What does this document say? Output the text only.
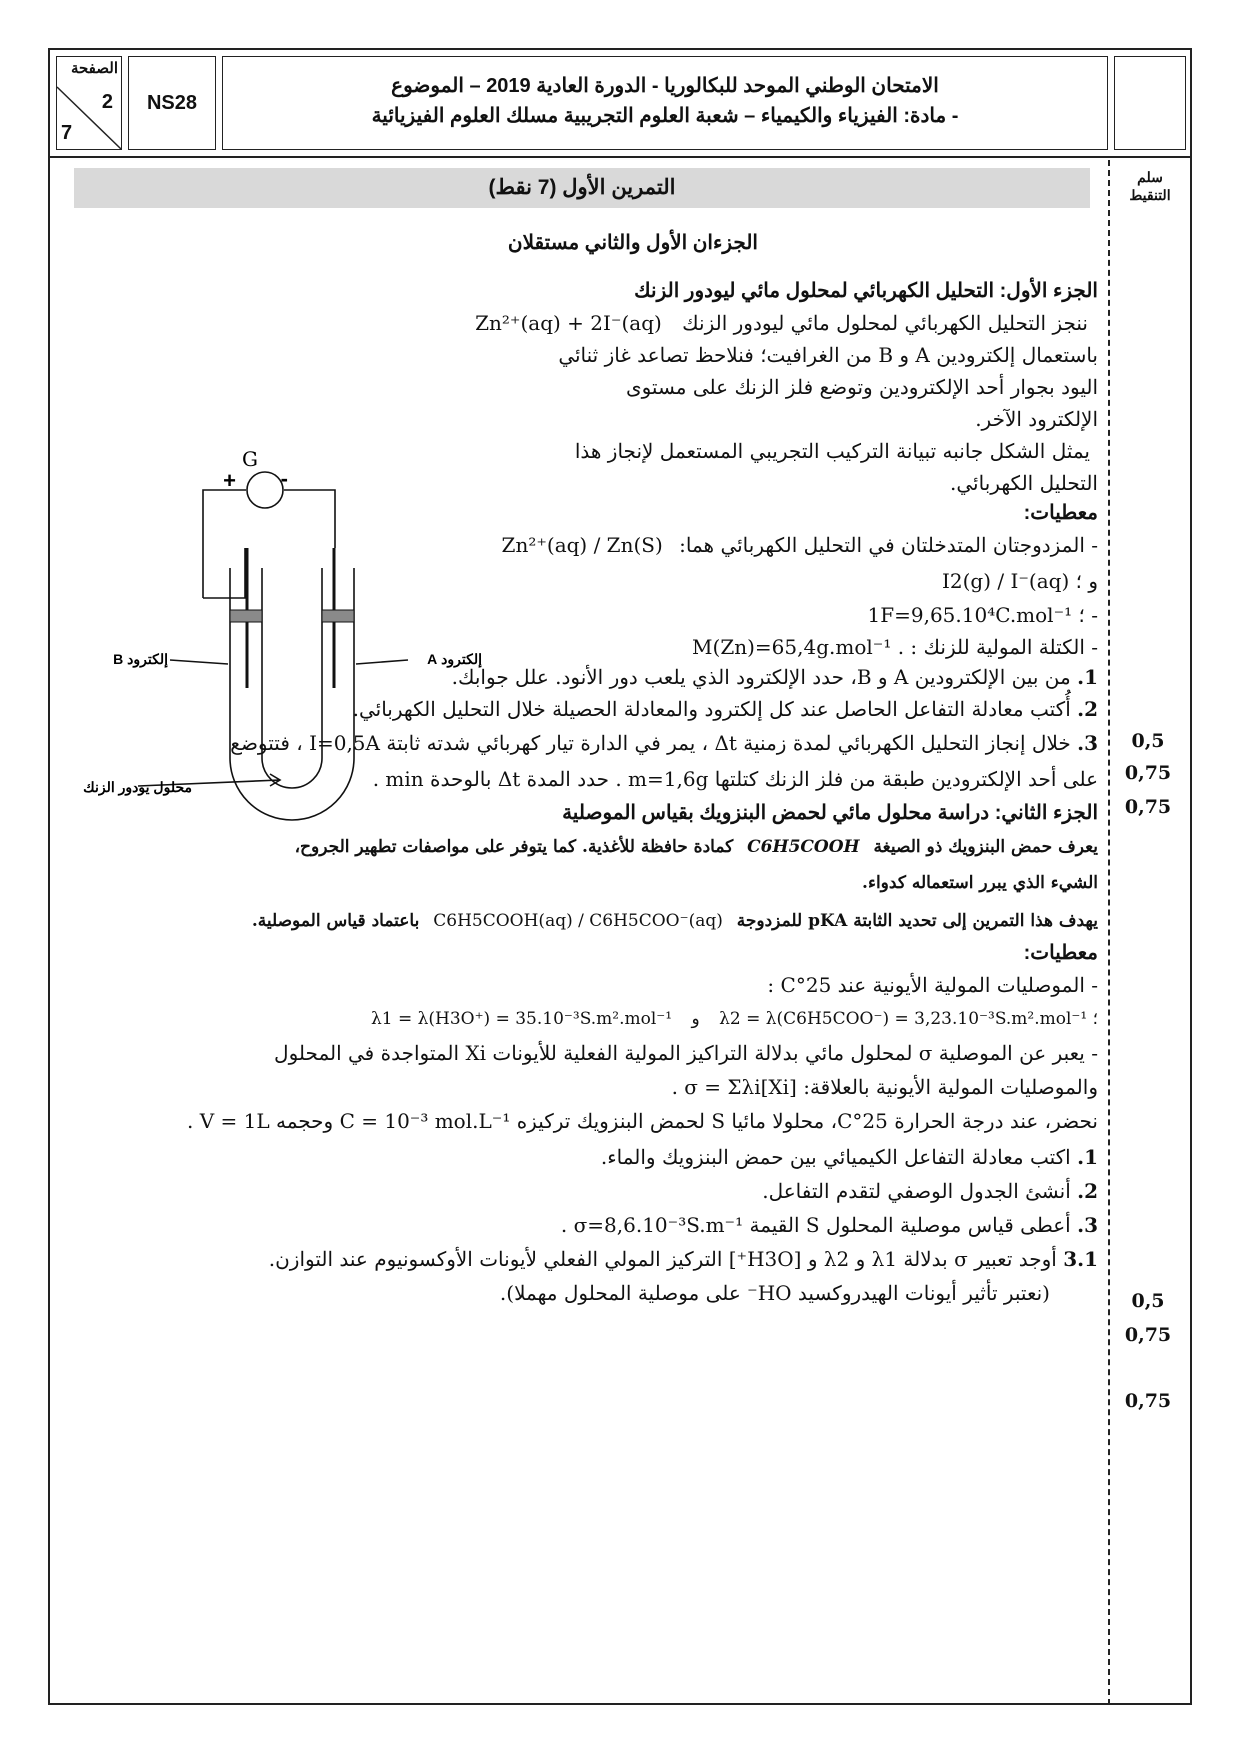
الصفحة
2
7
NS28
الامتحان الوطني الموحد للبكالوريا - الدورة العادية 2019 – الموضوع
- مادة: الفيزياء والكيمياء – شعبة العلوم التجريبية مسلك العلوم الفيزيائية
سلم
التنقيط
0,5
0,75
0,75
0,5
0,75
0,75
التمرين الأول (7 نقط)
الجزءان الأول والثاني مستقلان
الجزء الأول: التحليل الكهربائي لمحلول مائي ليودور الزنك
ننجز التحليل الكهربائي لمحلول مائي ليودور الزنك Zn²⁺(aq) + 2I⁻(aq)
باستعمال إلكترودين A و B من الغرافيت؛ فنلاحظ تصاعد غاز ثنائي
اليود بجوار أحد الإلكترودين وتوضع فلز الزنك على مستوى
الإلكترود الآخر.
يمثل الشكل جانبه تبيانة التركيب التجريبي المستعمل لإنجاز هذا
التحليل الكهربائي.
معطيات:
- المزدوجتان المتدخلتان في التحليل الكهربائي هما: Zn²⁺(aq) / Zn(S)
و I2(g) / I⁻(aq) ؛
- 1F=9,65.10⁴C.mol⁻¹ ؛
- الكتلة المولية للزنك : M(Zn)=65,4g.mol⁻¹ .
1. من بين الإلكترودين A و B، حدد الإلكترود الذي يلعب دور الأنود. علل جوابك.
2. أُكتب معادلة التفاعل الحاصل عند كل إلكترود والمعادلة الحصيلة خلال التحليل الكهربائي.
3. خلال إنجاز التحليل الكهربائي لمدة زمنية Δt ، يمر في الدارة تيار كهربائي شدته ثابتة I=0,5A ، فتتوضع
على أحد الإلكترودين طبقة من فلز الزنك كتلتها m=1,6g . حدد المدة Δt بالوحدة min .
الجزء الثاني: دراسة محلول مائي لحمض البنزويك بقياس الموصلية
يعرف حمض البنزويك ذو الصيغة C6H5COOH كمادة حافظة للأغذية. كما يتوفر على مواصفات تطهير الجروح،
الشيء الذي يبرر استعماله كدواء.
يهدف هذا التمرين إلى تحديد الثابتة pKA للمزدوجة C6H5COOH(aq) / C6H5COO⁻(aq) باعتماد قياس الموصلية.
معطيات:
- الموصليات المولية الأيونية عند 25°C :
λ2 = λ(C6H5COO⁻) = 3,23.10⁻³S.m².mol⁻¹ ؛ و λ1 = λ(H3O⁺) = 35.10⁻³S.m².mol⁻¹
- يعبر عن الموصلية σ لمحلول مائي بدلالة التراكيز المولية الفعلية للأيونات Xi المتواجدة في المحلول
والموصليات المولية الأيونية بالعلاقة: σ = Σλi[Xi] .
نحضر، عند درجة الحرارة 25°C، محلولا مائيا S لحمض البنزويك تركيزه C = 10⁻³ mol.L⁻¹ وحجمه V = 1L .
1. اكتب معادلة التفاعل الكيميائي بين حمض البنزويك والماء.
2. أنشئ الجدول الوصفي لتقدم التفاعل.
3. أعطى قياس موصلية المحلول S القيمة σ=8,6.10⁻³S.m⁻¹ .
3.1 أوجد تعبير σ بدلالة λ1 و λ2 و [H3O⁺] التركيز المولي الفعلي لأيونات الأوكسونيوم عند التوازن.
(نعتبر تأثير أيونات الهيدروكسيد HO⁻ على موصلية المحلول مهملا).
G
+ -
إلكترود B	إلكترود A
محلول يودور الزنك
